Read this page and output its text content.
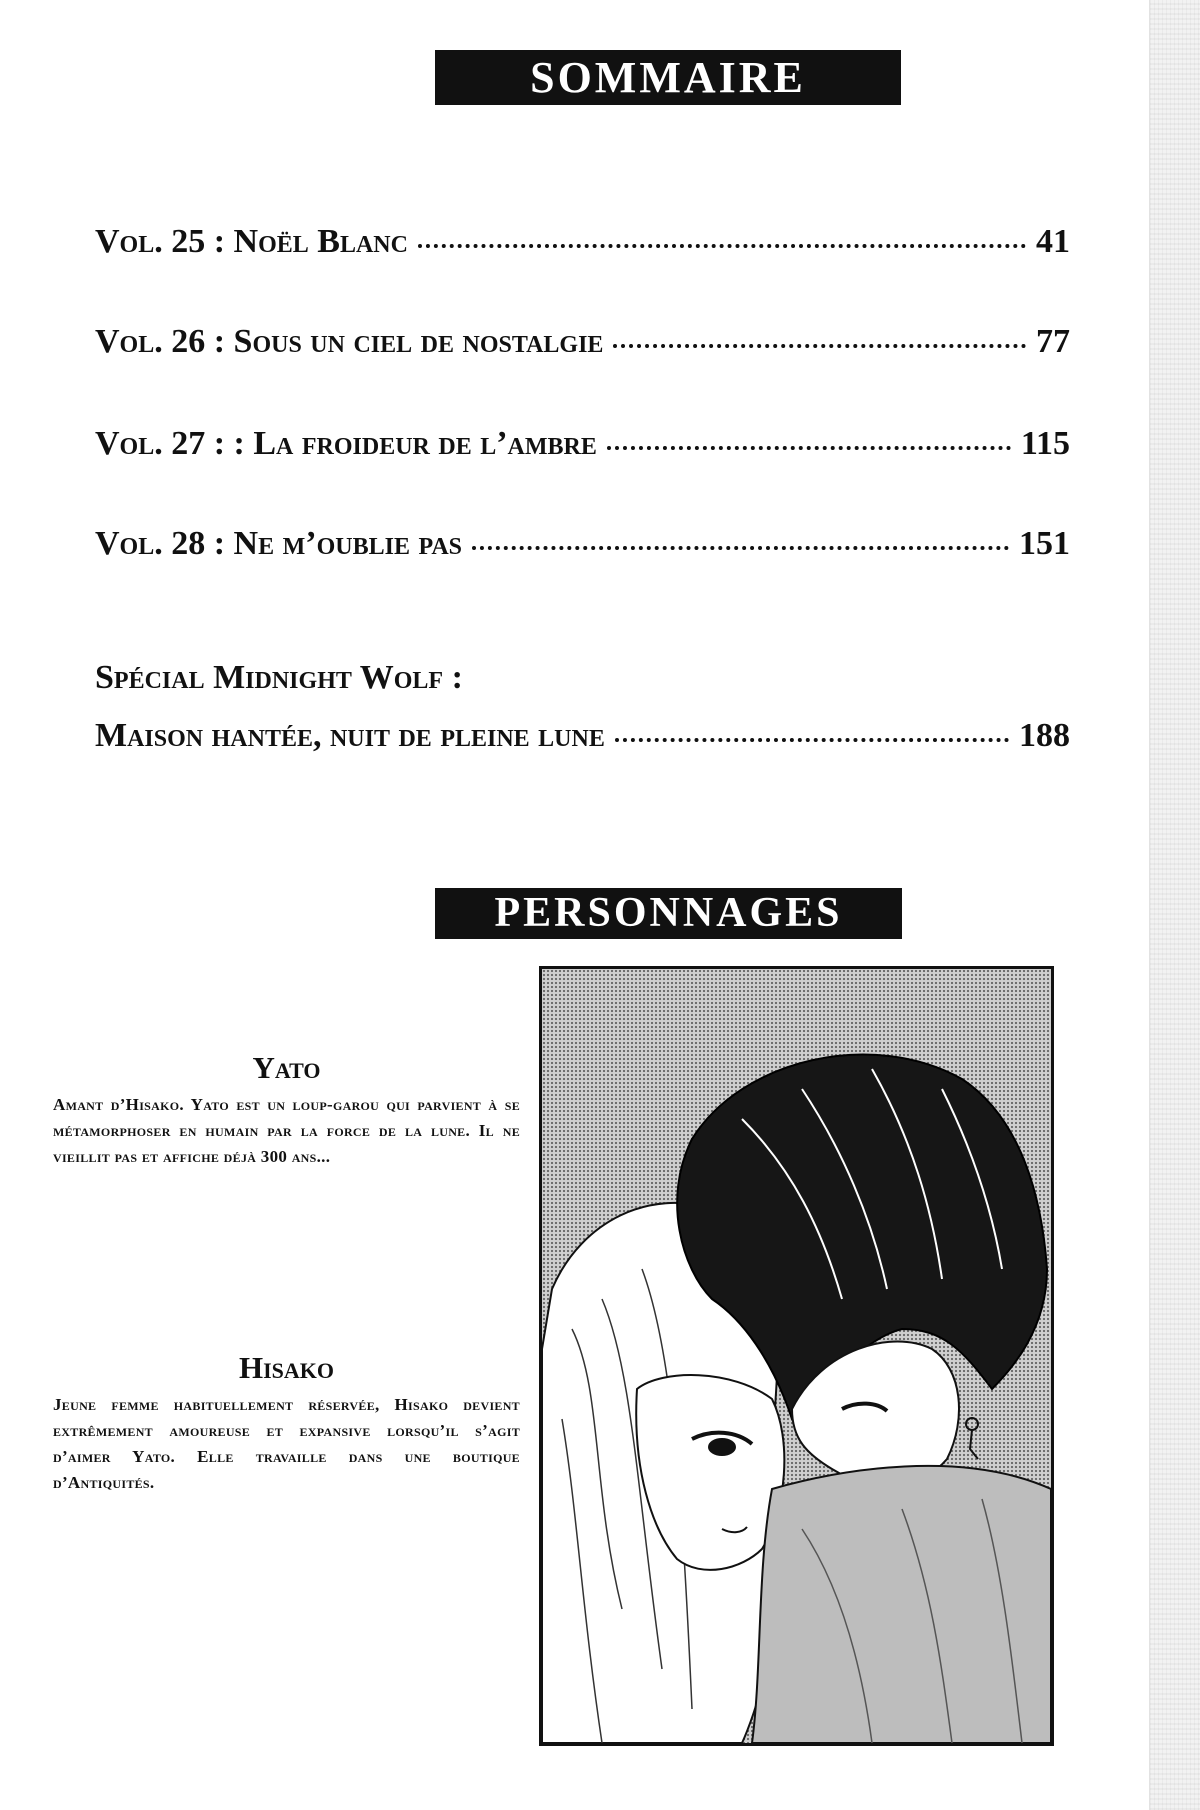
SOMMAIRE
Vol. 25 : Noël Blanc	41
Vol. 26 : Sous un ciel de nostalgie	77
Vol. 27 : : La froideur de l’ambre	115
Vol. 28 : Ne m’oublie pas	151
Spécial Midnight Wolf :
Maison hantée, nuit de pleine lune	188
PERSONNAGES
Yato
Amant d’Hisako. Yato est un loup-garou qui parvient à se métamorphoser en humain par la force de la lune. Il ne vieillit pas et affiche déjà 300 ans...
Hisako
Jeune femme habituellement réservée, Hisako devient extrêmement amoureuse et expansive lorsqu’il s’agit d’aimer Yato. Elle travaille dans une boutique d’Antiquités.
